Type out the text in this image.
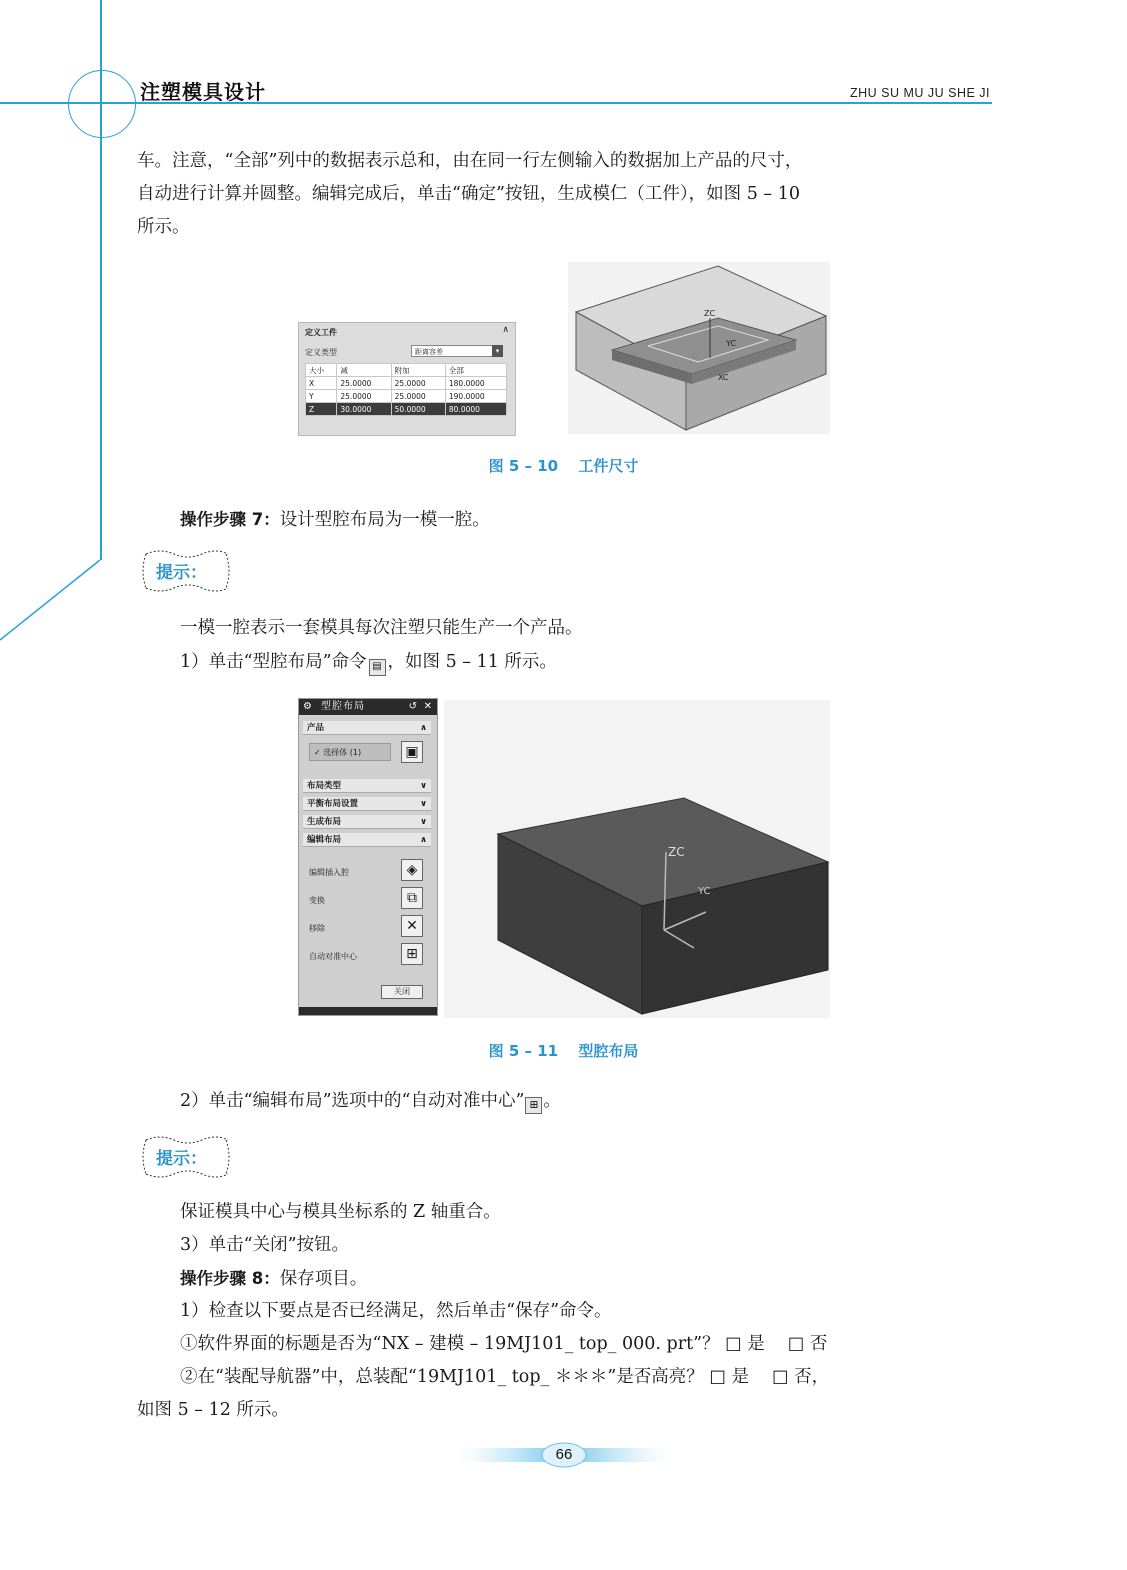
注塑模具设计	ZHU SU MU JU SHE JI

车。注意，“全部”列中的数据表示总和，由在同一行左侧输入的数据加上产品的尺寸，
自动进行计算并圆整。编辑完成后，单击“确定”按钮，生成模仁（工件），如图 5 – 10
所示。

定义工件	∧
定义类型	距离容差	▾
大小	减	附加	全部
X	25.0000	25.0000	180.0000
Y	25.0000	25.0000	190.0000
Z	30.0000	50.0000	80.0000
ZC
YC
XC
图 5 – 10　 工件尺寸

操作步骤 7：设计型腔布局为一模一腔。

提示：

一模一腔表示一套模具每次注塑只能生产一个产品。

1）单击“型腔布局”命令 ▤ ，如图 5 – 11 所示。

⚙ 型腔布局	↺ ✕
产品	∧
✓ 选择体 (1)	▣
布局类型	∨
平衡布局设置	∨
生成布局	∨
编辑布局	∧
编辑插入腔	◈
变换	⧉
移除	✕
自动对准中心	⊞
关闭
ZC
YC
图 5 – 11　 型腔布局

2）单击“编辑布局”选项中的“自动对准中心” ⊞ 。

提示：

保证模具中心与模具坐标系的 Z 轴重合。

3）单击“关闭”按钮。

操作步骤 8：保存项目。

1）检查以下要点是否已经满足，然后单击“保存”命令。

①软件界面的标题是否为“NX – 建模 – 19MJ101_ top_ 000. prt”？ □ 是　 □ 否

②在“装配导航器”中，总装配“19MJ101_ top_ ＊＊＊”是否高亮？ □ 是　 □ 否，

如图 5 – 12 所示。

66
